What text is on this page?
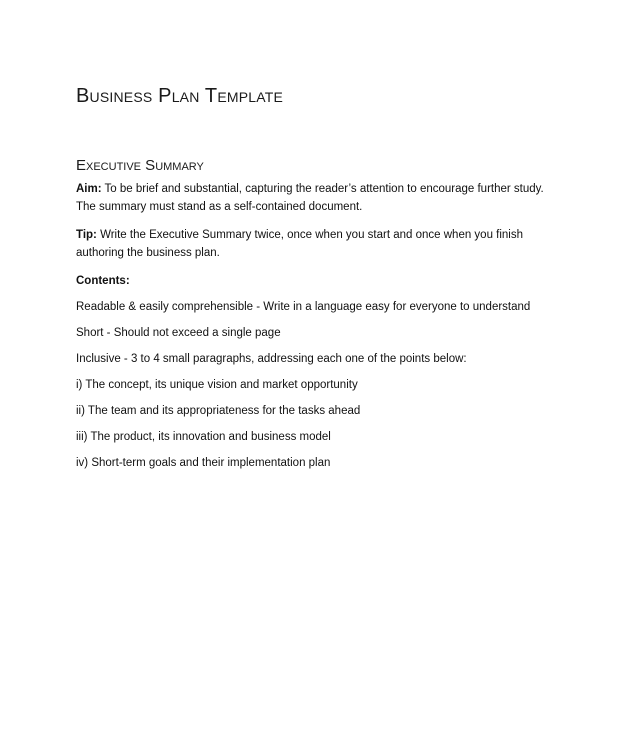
Business Plan Template
Executive Summary

Aim: To be brief and substantial, capturing the reader’s attention to encourage further study. The summary must stand as a self-contained document.

Tip: Write the Executive Summary twice, once when you start and once when you finish authoring the business plan.

Contents:

Readable & easily comprehensible - Write in a language easy for everyone to understand
Short - Should not exceed a single page
Inclusive - 3 to 4 small paragraphs, addressing each one of the points below:
i) The concept, its unique vision and market opportunity
ii) The team and its appropriateness for the tasks ahead
iii) The product, its innovation and business model
iv) Short-term goals and their implementation plan
